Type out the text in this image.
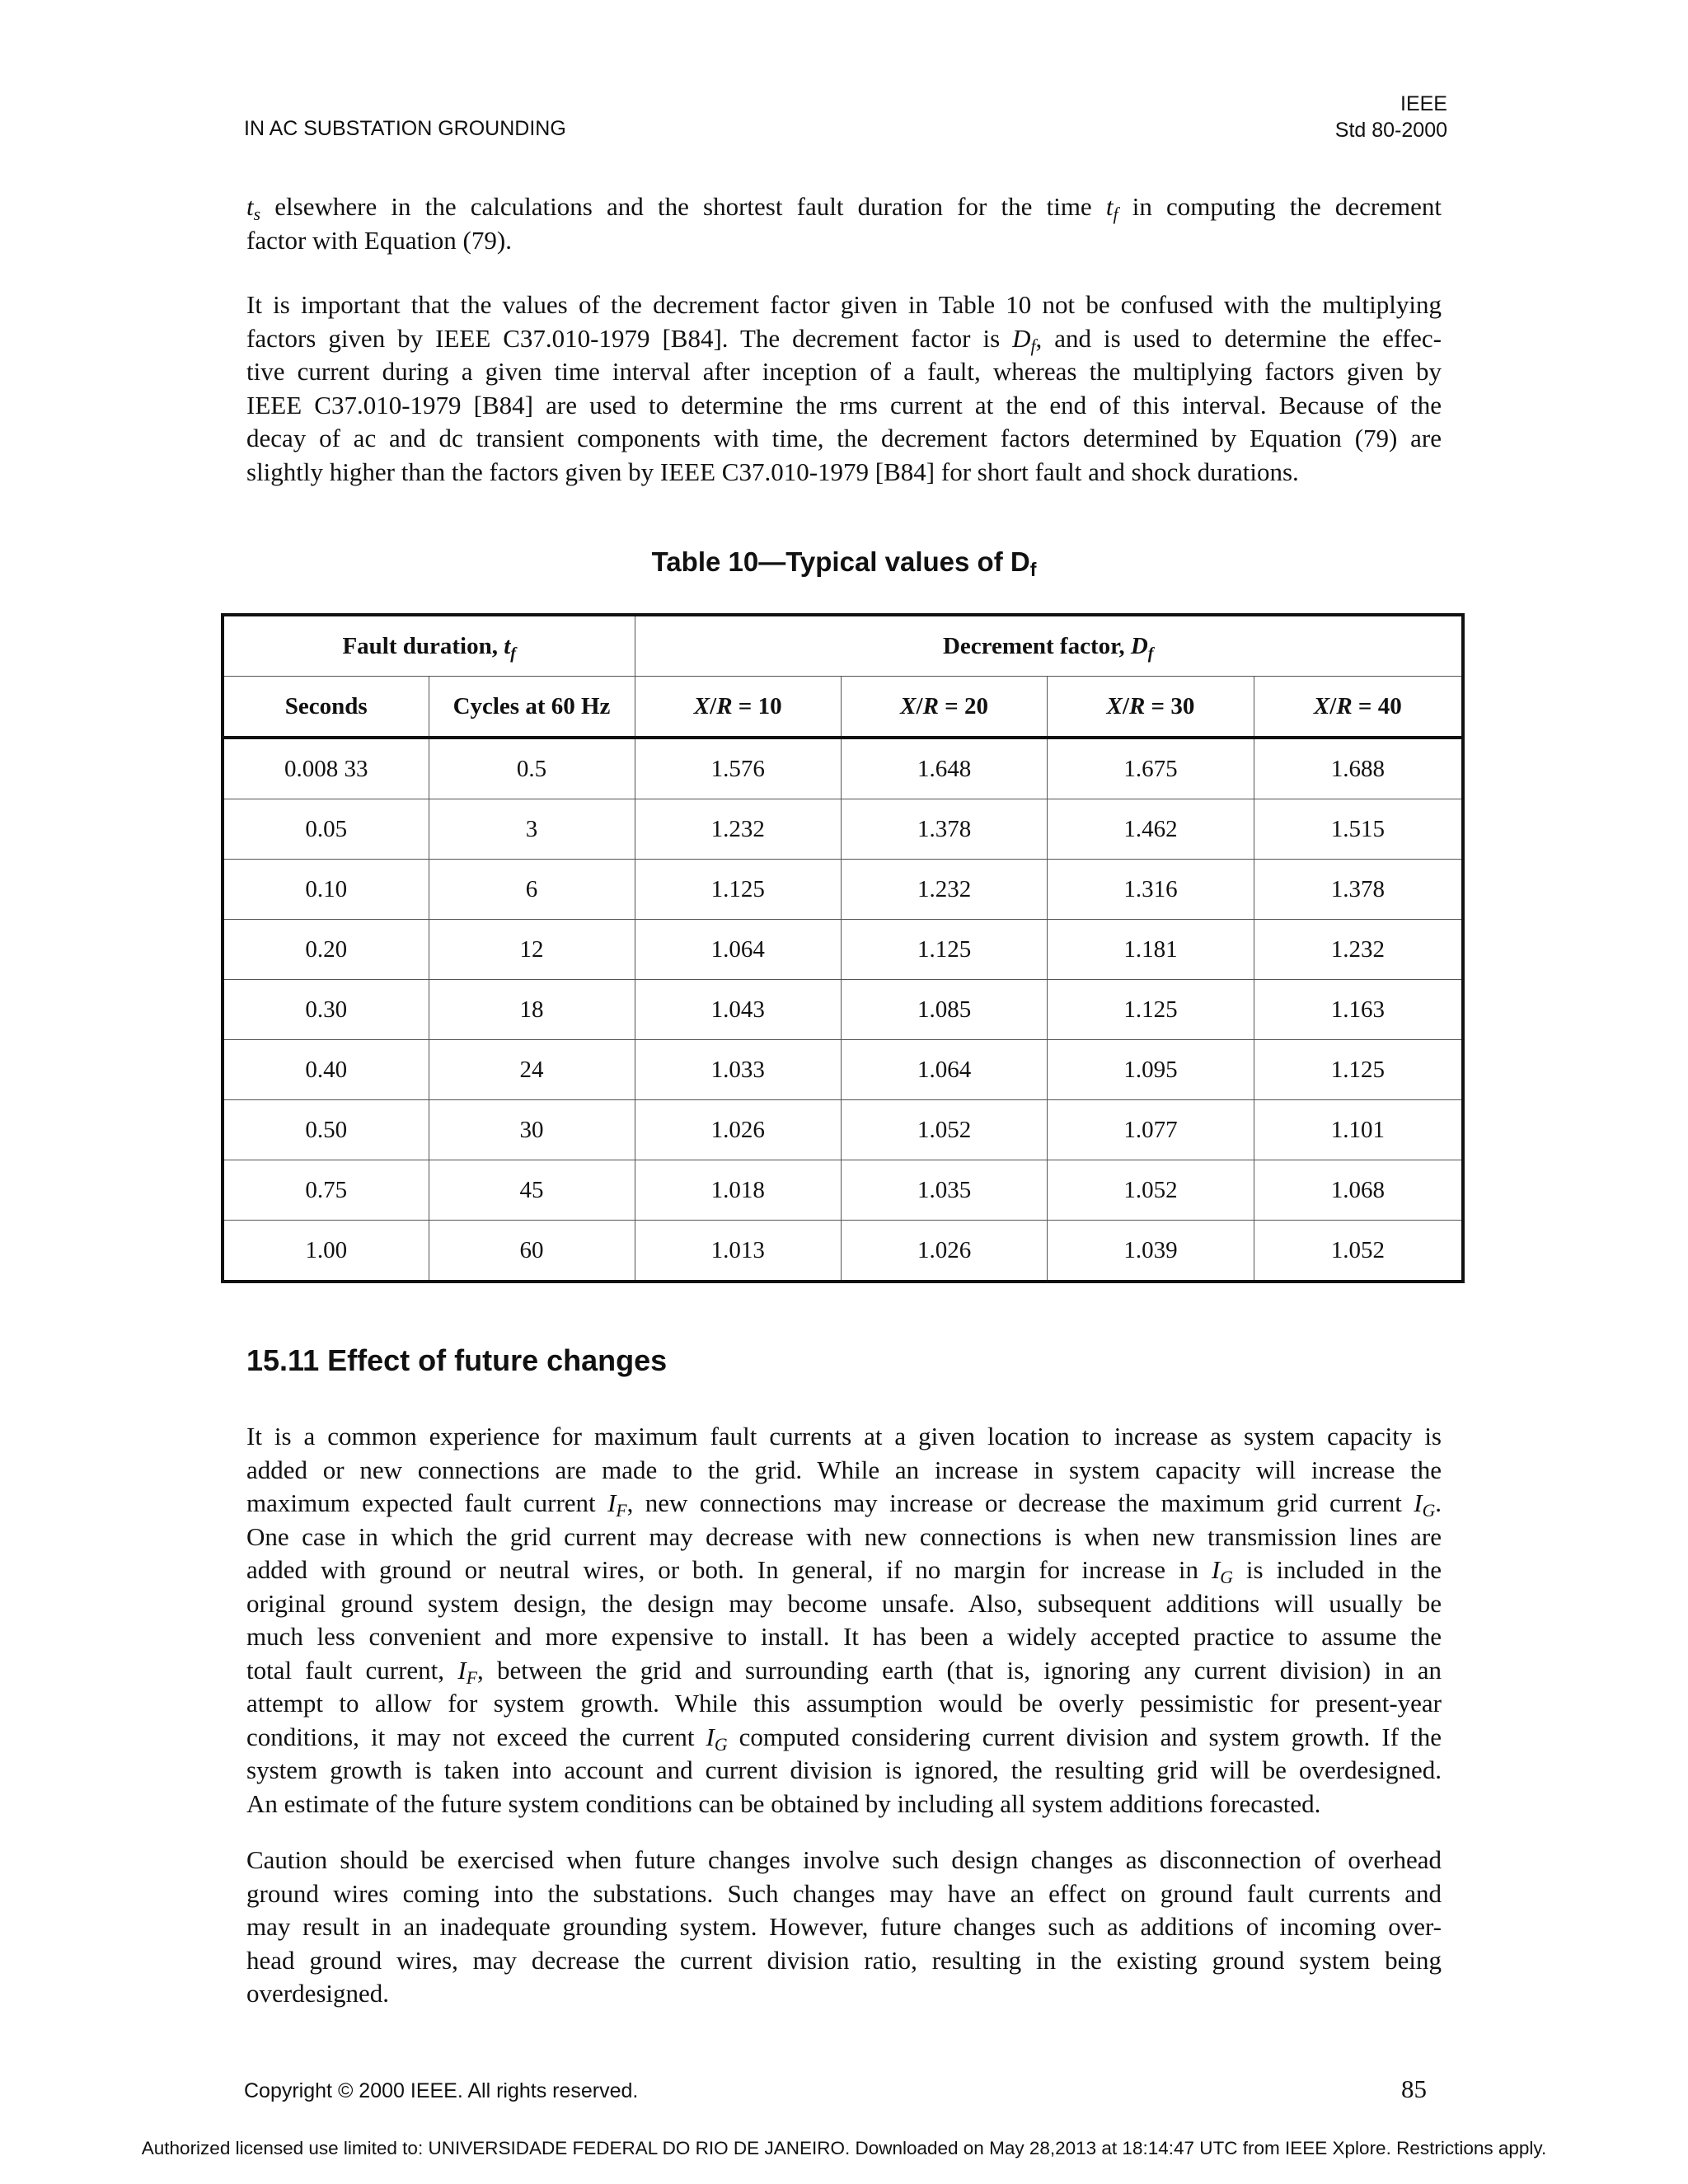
IN AC SUBSTATION GROUNDING
IEEE
Std 80-2000
$t_s$ elsewhere in the calculations and the shortest fault duration for the time $t_f$ in computing the decrement
factor with Equation (79).
It is important that the values of the decrement factor given in Table 10 not be confused with the multiplying
factors given by IEEE C37.010-1979 [B84]. The decrement factor is $D_f$, and is used to determine the effec-
tive current during a given time interval after inception of a fault, whereas the multiplying factors given by
IEEE C37.010-1979 [B84] are used to determine the rms current at the end of this interval. Because of the
decay of ac and dc transient components with time, the decrement factors determined by Equation (79) are
slightly higher than the factors given by IEEE C37.010-1979 [B84] for short fault and shock durations.
Table 10—Typical values of $D_f$
Fault duration, $t_f$		Decrement factor, $D_f$
Seconds	Cycles at 60 Hz	X/R = 10	X/R = 20	X/R = 30	X/R = 40
0.008 33	0.5	1.576	1.648	1.675	1.688
0.05	3	1.232	1.378	1.462	1.515
0.10	6	1.125	1.232	1.316	1.378
0.20	12	1.064	1.125	1.181	1.232
0.30	18	1.043	1.085	1.125	1.163
0.40	24	1.033	1.064	1.095	1.125
0.50	30	1.026	1.052	1.077	1.101
0.75	45	1.018	1.035	1.052	1.068
1.00	60	1.013	1.026	1.039	1.052
15.11 Effect of future changes
It is a common experience for maximum fault currents at a given location to increase as system capacity is
added or new connections are made to the grid. While an increase in system capacity will increase the
maximum expected fault current $I_F$, new connections may increase or decrease the maximum grid current $I_G$.
One case in which the grid current may decrease with new connections is when new transmission lines are
added with ground or neutral wires, or both. In general, if no margin for increase in $I_G$ is included in the
original ground system design, the design may become unsafe. Also, subsequent additions will usually be
much less convenient and more expensive to install. It has been a widely accepted practice to assume the
total fault current, $I_F$, between the grid and surrounding earth (that is, ignoring any current division) in an
attempt to allow for system growth. While this assumption would be overly pessimistic for present-year
conditions, it may not exceed the current $I_G$ computed considering current division and system growth. If the
system growth is taken into account and current division is ignored, the resulting grid will be overdesigned.
An estimate of the future system conditions can be obtained by including all system additions forecasted.
Caution should be exercised when future changes involve such design changes as disconnection of overhead
ground wires coming into the substations. Such changes may have an effect on ground fault currents and
may result in an inadequate grounding system. However, future changes such as additions of incoming over-
head ground wires, may decrease the current division ratio, resulting in the existing ground system being
overdesigned.
Copyright © 2000 IEEE. All rights reserved.	85
Authorized licensed use limited to: UNIVERSIDADE FEDERAL DO RIO DE JANEIRO. Downloaded on May 28,2013 at 18:14:47 UTC from IEEE Xplore. Restrictions apply.
